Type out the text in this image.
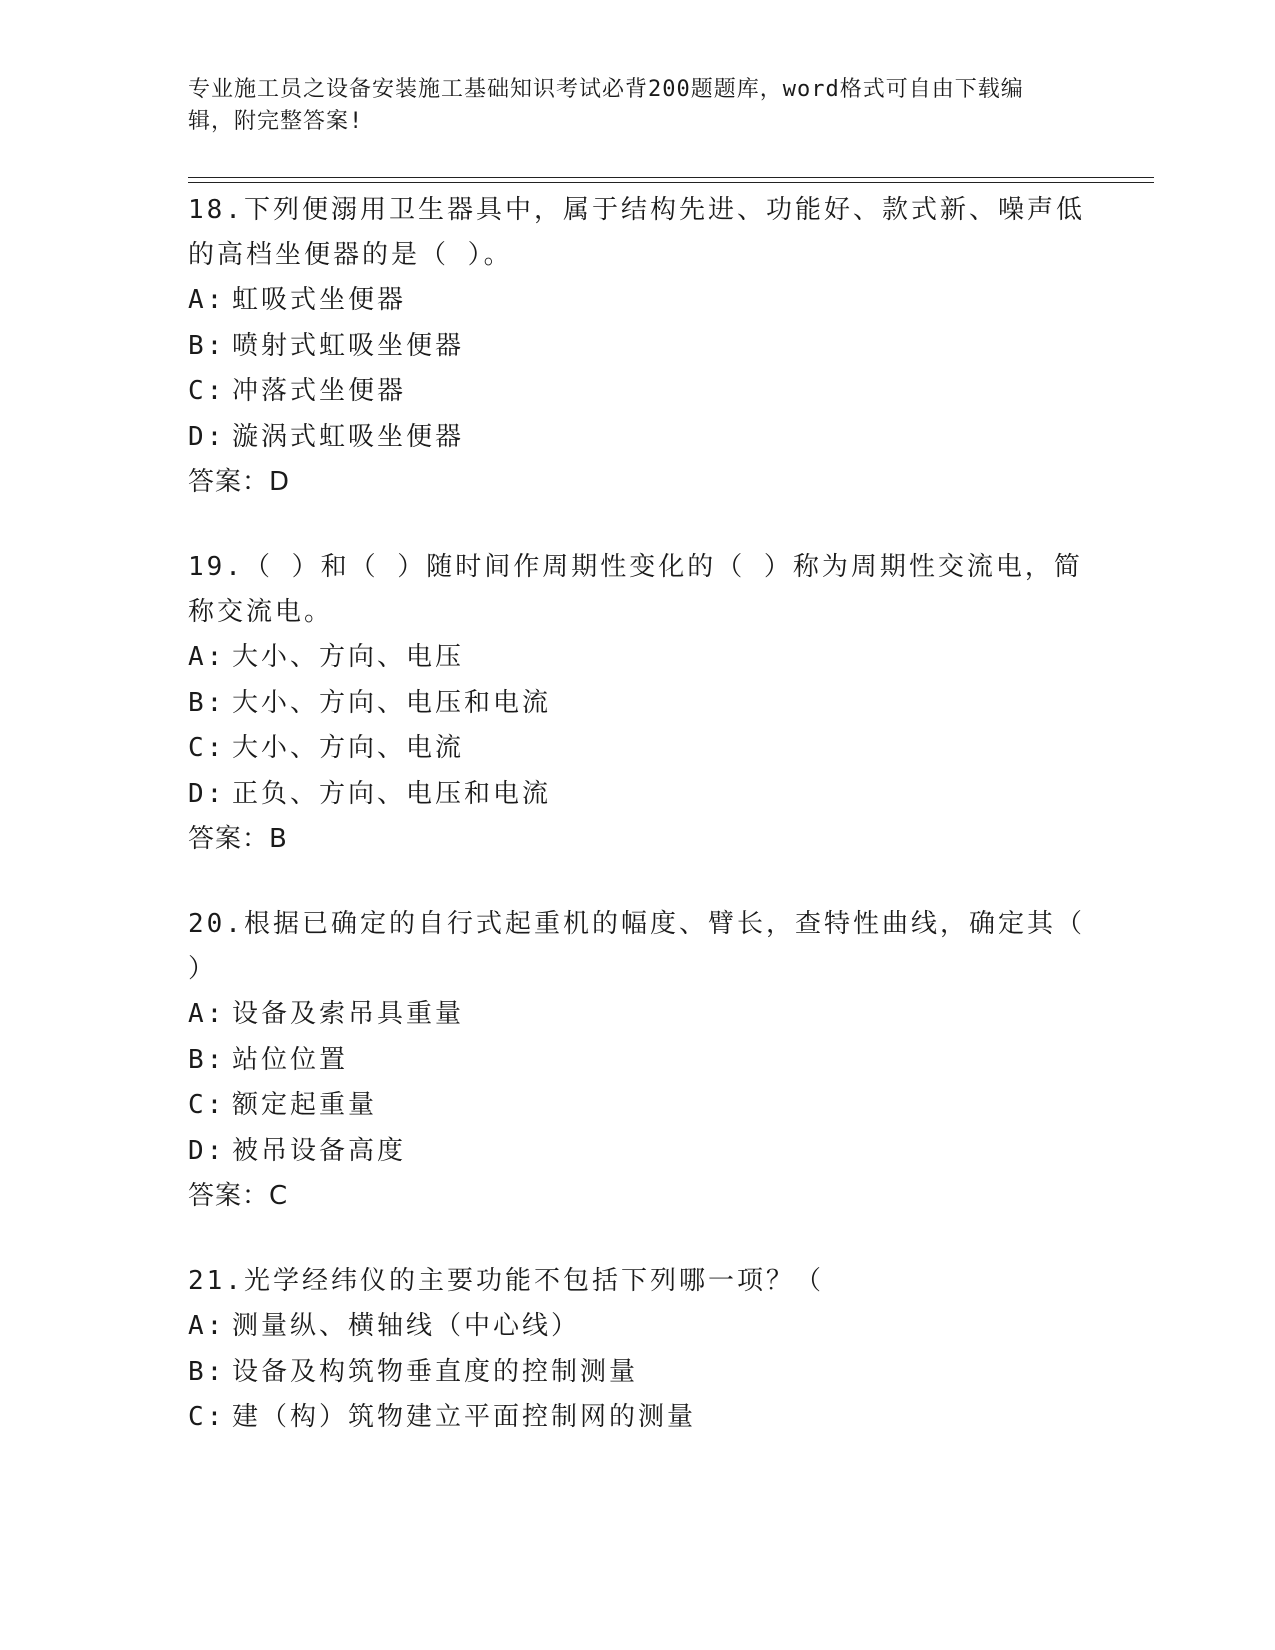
专业施工员之设备安装施工基础知识考试必背200题题库，word格式可自由下载编辑，附完整答案!

18.下列便溺用卫生器具中，属于结构先进、功能好、款式新、噪声低的高档坐便器的是（ ）。

A: 虹吸式坐便器

B: 喷射式虹吸坐便器

C: 冲落式坐便器

D: 漩涡式虹吸坐便器

答案：D

19.（ ）和（ ）随时间作周期性变化的（ ）称为周期性交流电，简称交流电。

A: 大小、方向、电压

B: 大小、方向、电压和电流

C: 大小、方向、电流

D: 正负、方向、电压和电流

答案：B

20.根据已确定的自行式起重机的幅度、臂长，查特性曲线，确定其（ ）

A: 设备及索吊具重量

B: 站位位置

C: 额定起重量

D: 被吊设备高度

答案：C

21.光学经纬仪的主要功能不包括下列哪一项？（

A: 测量纵、横轴线（中心线）

B: 设备及构筑物垂直度的控制测量

C: 建（构）筑物建立平面控制网的测量
